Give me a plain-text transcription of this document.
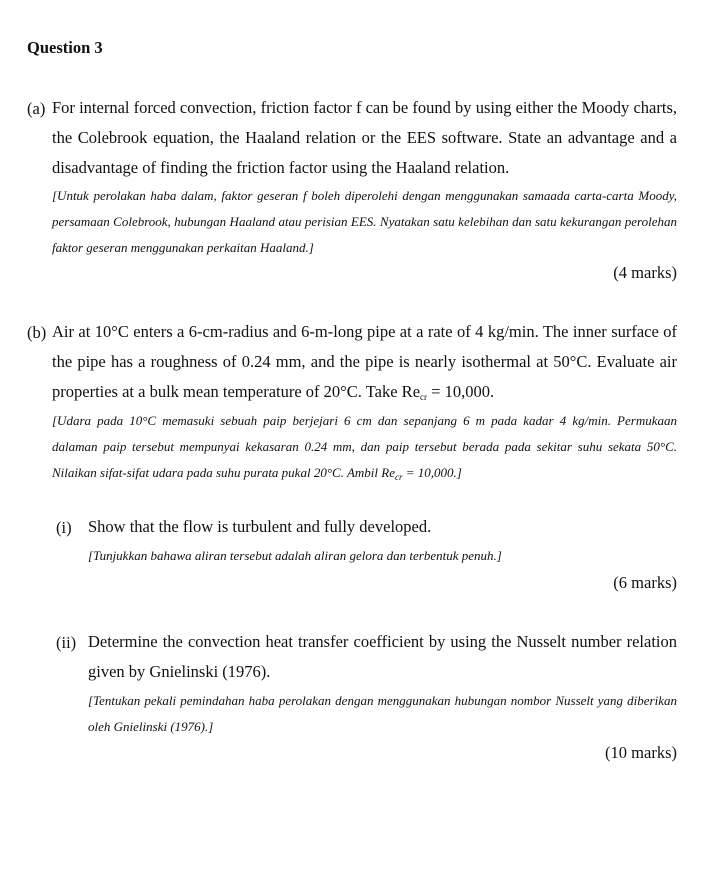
Question 3
(a) For internal forced convection, friction factor f can be found by using either the Moody charts, the Colebrook equation, the Haaland relation or the EES software. State an advantage and a disadvantage of finding the friction factor using the Haaland relation.
[Untuk perolakan haba dalam, faktor geseran f boleh diperolehi dengan menggunakan samaada carta-carta Moody, persamaan Colebrook, hubungan Haaland atau perisian EES. Nyatakan satu kelebihan dan satu kekurangan perolehan faktor geseran menggunakan perkaitan Haaland.]
(4 marks)
(b) Air at 10°C enters a 6-cm-radius and 6-m-long pipe at a rate of 4 kg/min. The inner surface of the pipe has a roughness of 0.24 mm, and the pipe is nearly isothermal at 50°C. Evaluate air properties at a bulk mean temperature of 20°C. Take $Re_{cr} = 10,000$.
[Udara pada 10°C memasuki sebuah paip berjejari 6 cm dan sepanjang 6 m pada kadar 4 kg/min. Permukaan dalaman paip tersebut mempunyai kekasaran 0.24 mm, dan paip tersebut berada pada sekitar suhu sekata 50°C. Nilaikan sifat-sifat udara pada suhu purata pukal 20°C. Ambil $Re_{cr} = 10,000$.]
(i) Show that the flow is turbulent and fully developed.
[Tunjukkan bahawa aliran tersebut adalah aliran gelora dan terbentuk penuh.]
(6 marks)
(ii) Determine the convection heat transfer coefficient by using the Nusselt number relation given by Gnielinski (1976).
[Tentukan pekali pemindahan haba perolakan dengan menggunakan hubungan nombor Nusselt yang diberikan oleh Gnielinski (1976).]
(10 marks)
